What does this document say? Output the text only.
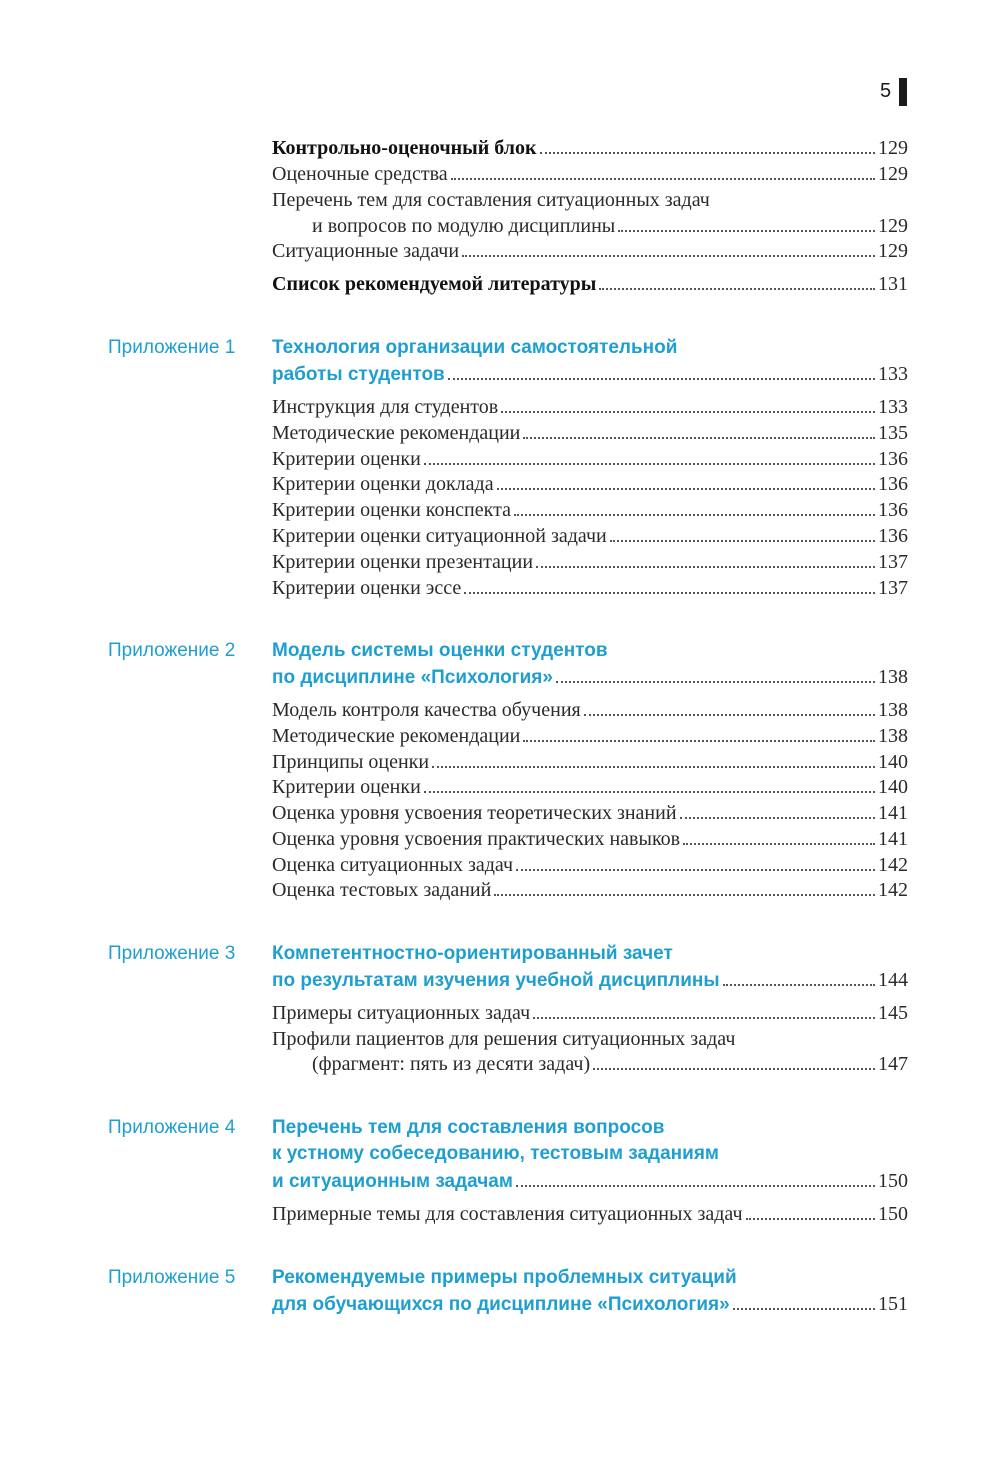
5
Контрольно-оценочный блок	129
Оценочные средства	129
Перечень тем для составления ситуационных задач
и вопросов по модулю дисциплины	129
Ситуационные задачи	129
Список рекомендуемой литературы	131
Приложение 1 Технология организации самостоятельной
работы студентов	133
Инструкция для студентов	133
Методические рекомендации	135
Критерии оценки	136
Критерии оценки доклада	136
Критерии оценки конспекта	136
Критерии оценки ситуационной задачи	136
Критерии оценки презентации	137
Критерии оценки эссе	137
Приложение 2 Модель системы оценки студентов
по дисциплине «Психология»	138
Модель контроля качества обучения	138
Методические рекомендации	138
Принципы оценки	140
Критерии оценки	140
Оценка уровня усвоения теоретических знаний	141
Оценка уровня усвоения практических навыков	141
Оценка ситуационных задач	142
Оценка тестовых заданий	142
Приложение 3 Компетентностно-ориентированный зачет
по результатам изучения учебной дисциплины	144
Примеры ситуационных задач	145
Профили пациентов для решения ситуационных задач
(фрагмент: пять из десяти задач)	147
Приложение 4 Перечень тем для составления вопросов
к устному собеседованию, тестовым заданиям
и ситуационным задачам	150
Примерные темы для составления ситуационных задач	150
Приложение 5 Рекомендуемые примеры проблемных ситуаций
для обучающихся по дисциплине «Психология»	151
